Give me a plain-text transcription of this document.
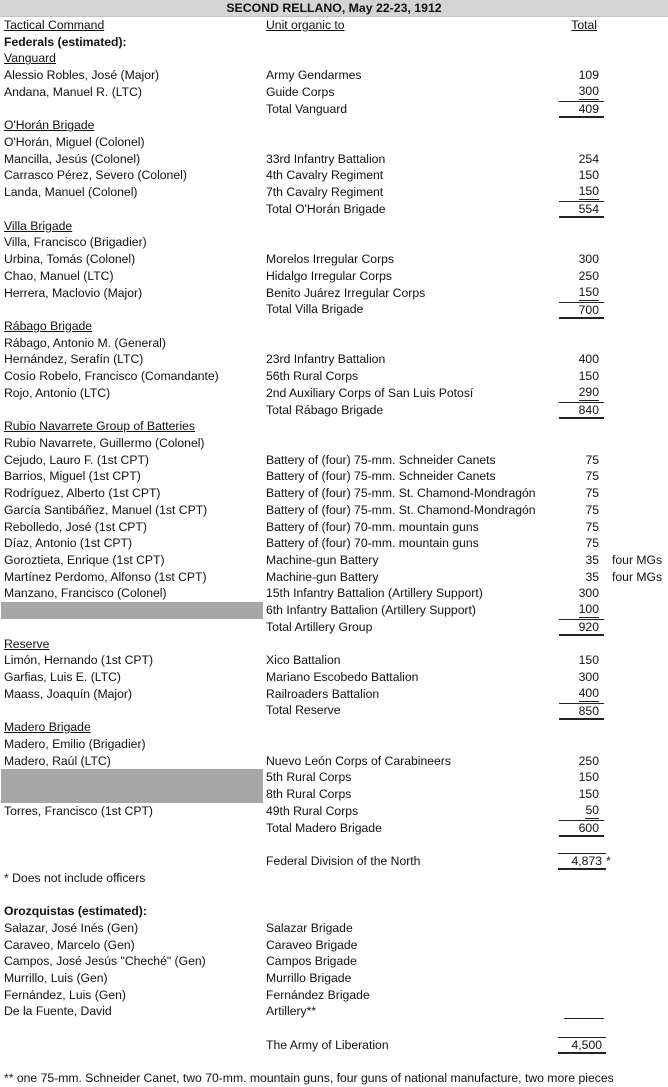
SECOND RELLANO, May 22-23, 1912
Tactical Command	Unit organic to	Total
Federals (estimated):
Vanguard
Alessio Robles, José (Major)	Army Gendarmes	109
Andana, Manuel R. (LTC)	Guide Corps	300
Total Vanguard	409
O'Horán Brigade
O'Horán, Miguel (Colonel)
Mancilla, Jesús (Colonel)	33rd Infantry Battalion	254
Carrasco Pérez, Severo (Colonel)	4th Cavalry Regiment	150
Landa, Manuel (Colonel)	7th Cavalry Regiment	150
Total O'Horán Brigade	554
Villa Brigade
Villa, Francisco (Brigadier)
Urbina, Tomás (Colonel)	Morelos Irregular Corps	300
Chao, Manuel (LTC)	Hidalgo Irregular Corps	250
Herrera, Maclovio (Major)	Benito Juárez Irregular Corps	150
Total Villa Brigade	700
Rábago Brigade
Rábago, Antonio M. (General)
Hernández, Serafín (LTC)	23rd Infantry Battalion	400
Cosío Robelo, Francisco (Comandante)	56th Rural Corps	150
Rojo, Antonio (LTC)	2nd Auxiliary Corps of San Luis Potosí	290
Total Rábago Brigade	840
Rubio Navarrete Group of Batteries
Rubio Navarrete, Guillermo (Colonel)
Cejudo, Lauro F. (1st CPT)	Battery of (four) 75-mm. Schneider Canets	75
Barrios, Miguel (1st CPT)	Battery of (four) 75-mm. Schneider Canets	75
Rodríguez, Alberto (1st CPT)	Battery of (four) 75-mm. St. Chamond-Mondragón	75
García Santibáñez, Manuel (1st CPT)	Battery of (four) 75-mm. St. Chamond-Mondragón	75
Rebolledo, José (1st CPT)	Battery of (four) 70-mm. mountain guns	75
Díaz, Antonio (1st CPT)	Battery of (four) 70-mm. mountain guns	75
Goroztieta, Enrique (1st CPT)	Machine-gun Battery	35 four MGs
Martínez Perdomo, Alfonso (1st CPT)	Machine-gun Battery	35 four MGs
Manzano, Francisco (Colonel)	15th Infantry Battalion (Artillery Support)	300
6th Infantry Battalion (Artillery Support)	100
Total Artillery Group	920
Reserve
Limón, Hernando (1st CPT)	Xico Battalion	150
Garfias, Luis E. (LTC)	Mariano Escobedo Battalion	300
Maass, Joaquín (Major)	Railroaders Battalion	400
Total Reserve	850
Madero Brigade
Madero, Emilio (Brigadier)
Madero, Raúl (LTC)	Nuevo León Corps of Carabineers	250
5th Rural Corps	150
8th Rural Corps	150
Torres, Francisco (1st CPT)	49th Rural Corps	50
Total Madero Brigade	600
Federal Division of the North	4,873 *
* Does not include officers
Orozquistas (estimated):
Salazar, José Inés (Gen)	Salazar Brigade
Caraveo, Marcelo (Gen)	Caraveo Brigade
Campos, José Jesús "Cheché" (Gen)	Campos Brigade
Murrillo, Luis (Gen)	Murrillo Brigade
Fernández, Luis (Gen)	Fernández Brigade
De la Fuente, David	Artillery**
The Army of Liberation	4,500
** one 75-mm. Schneider Canet, two 70-mm. mountain guns, four guns of national manufacture, two more pieces
